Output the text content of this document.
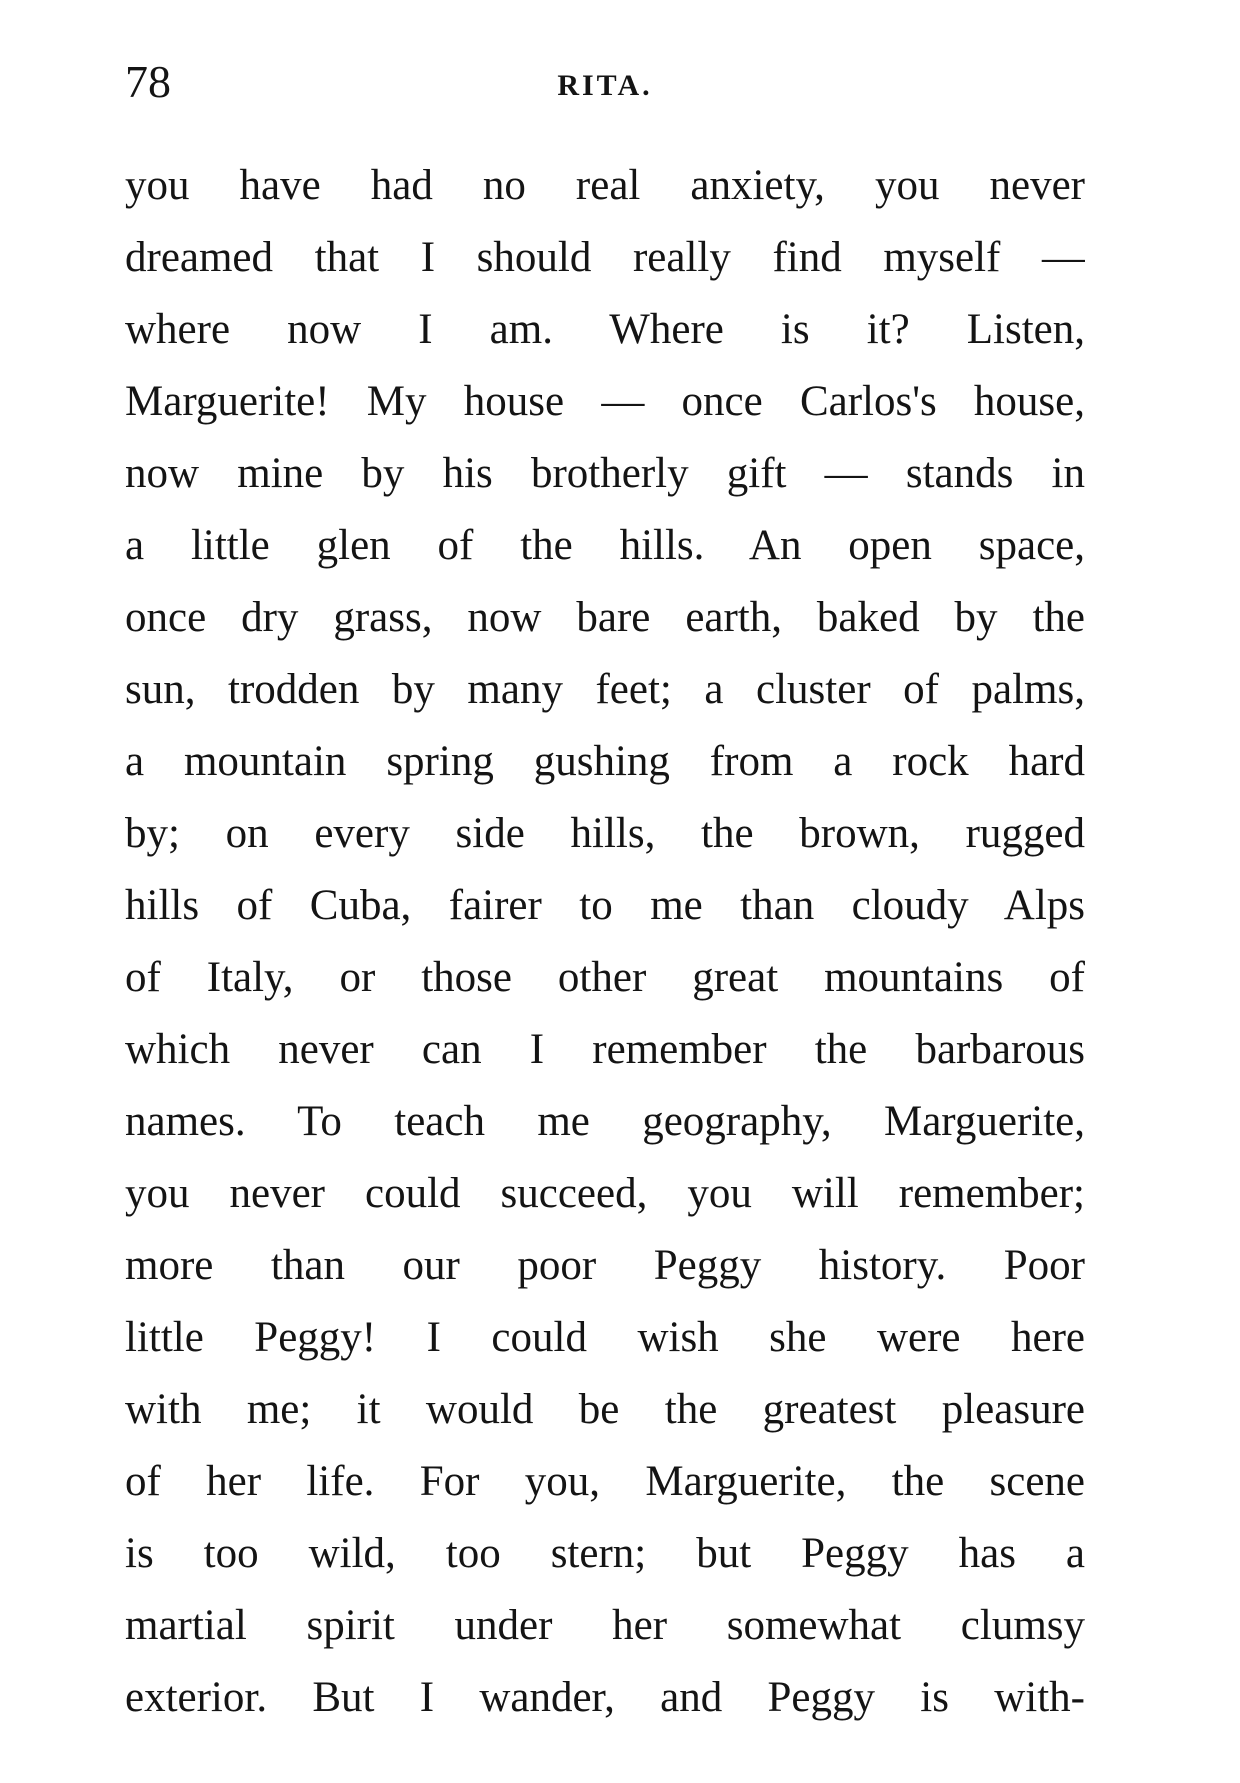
78	RITA.
you have had no real anxiety, you never
dreamed that I should really find myself —
where now I am. Where is it? Listen,
Marguerite! My house — once Carlos's house,
now mine by his brotherly gift — stands in
a little glen of the hills. An open space,
once dry grass, now bare earth, baked by the
sun, trodden by many feet; a cluster of palms,
a mountain spring gushing from a rock hard
by; on every side hills, the brown, rugged
hills of Cuba, fairer to me than cloudy Alps
of Italy, or those other great mountains of
which never can I remember the barbarous
names. To teach me geography, Marguerite,
you never could succeed, you will remember;
more than our poor Peggy history. Poor
little Peggy! I could wish she were here
with me; it would be the greatest pleasure
of her life. For you, Marguerite, the scene
is too wild, too stern; but Peggy has a
martial spirit under her somewhat clumsy
exterior. But I wander, and Peggy is with-
